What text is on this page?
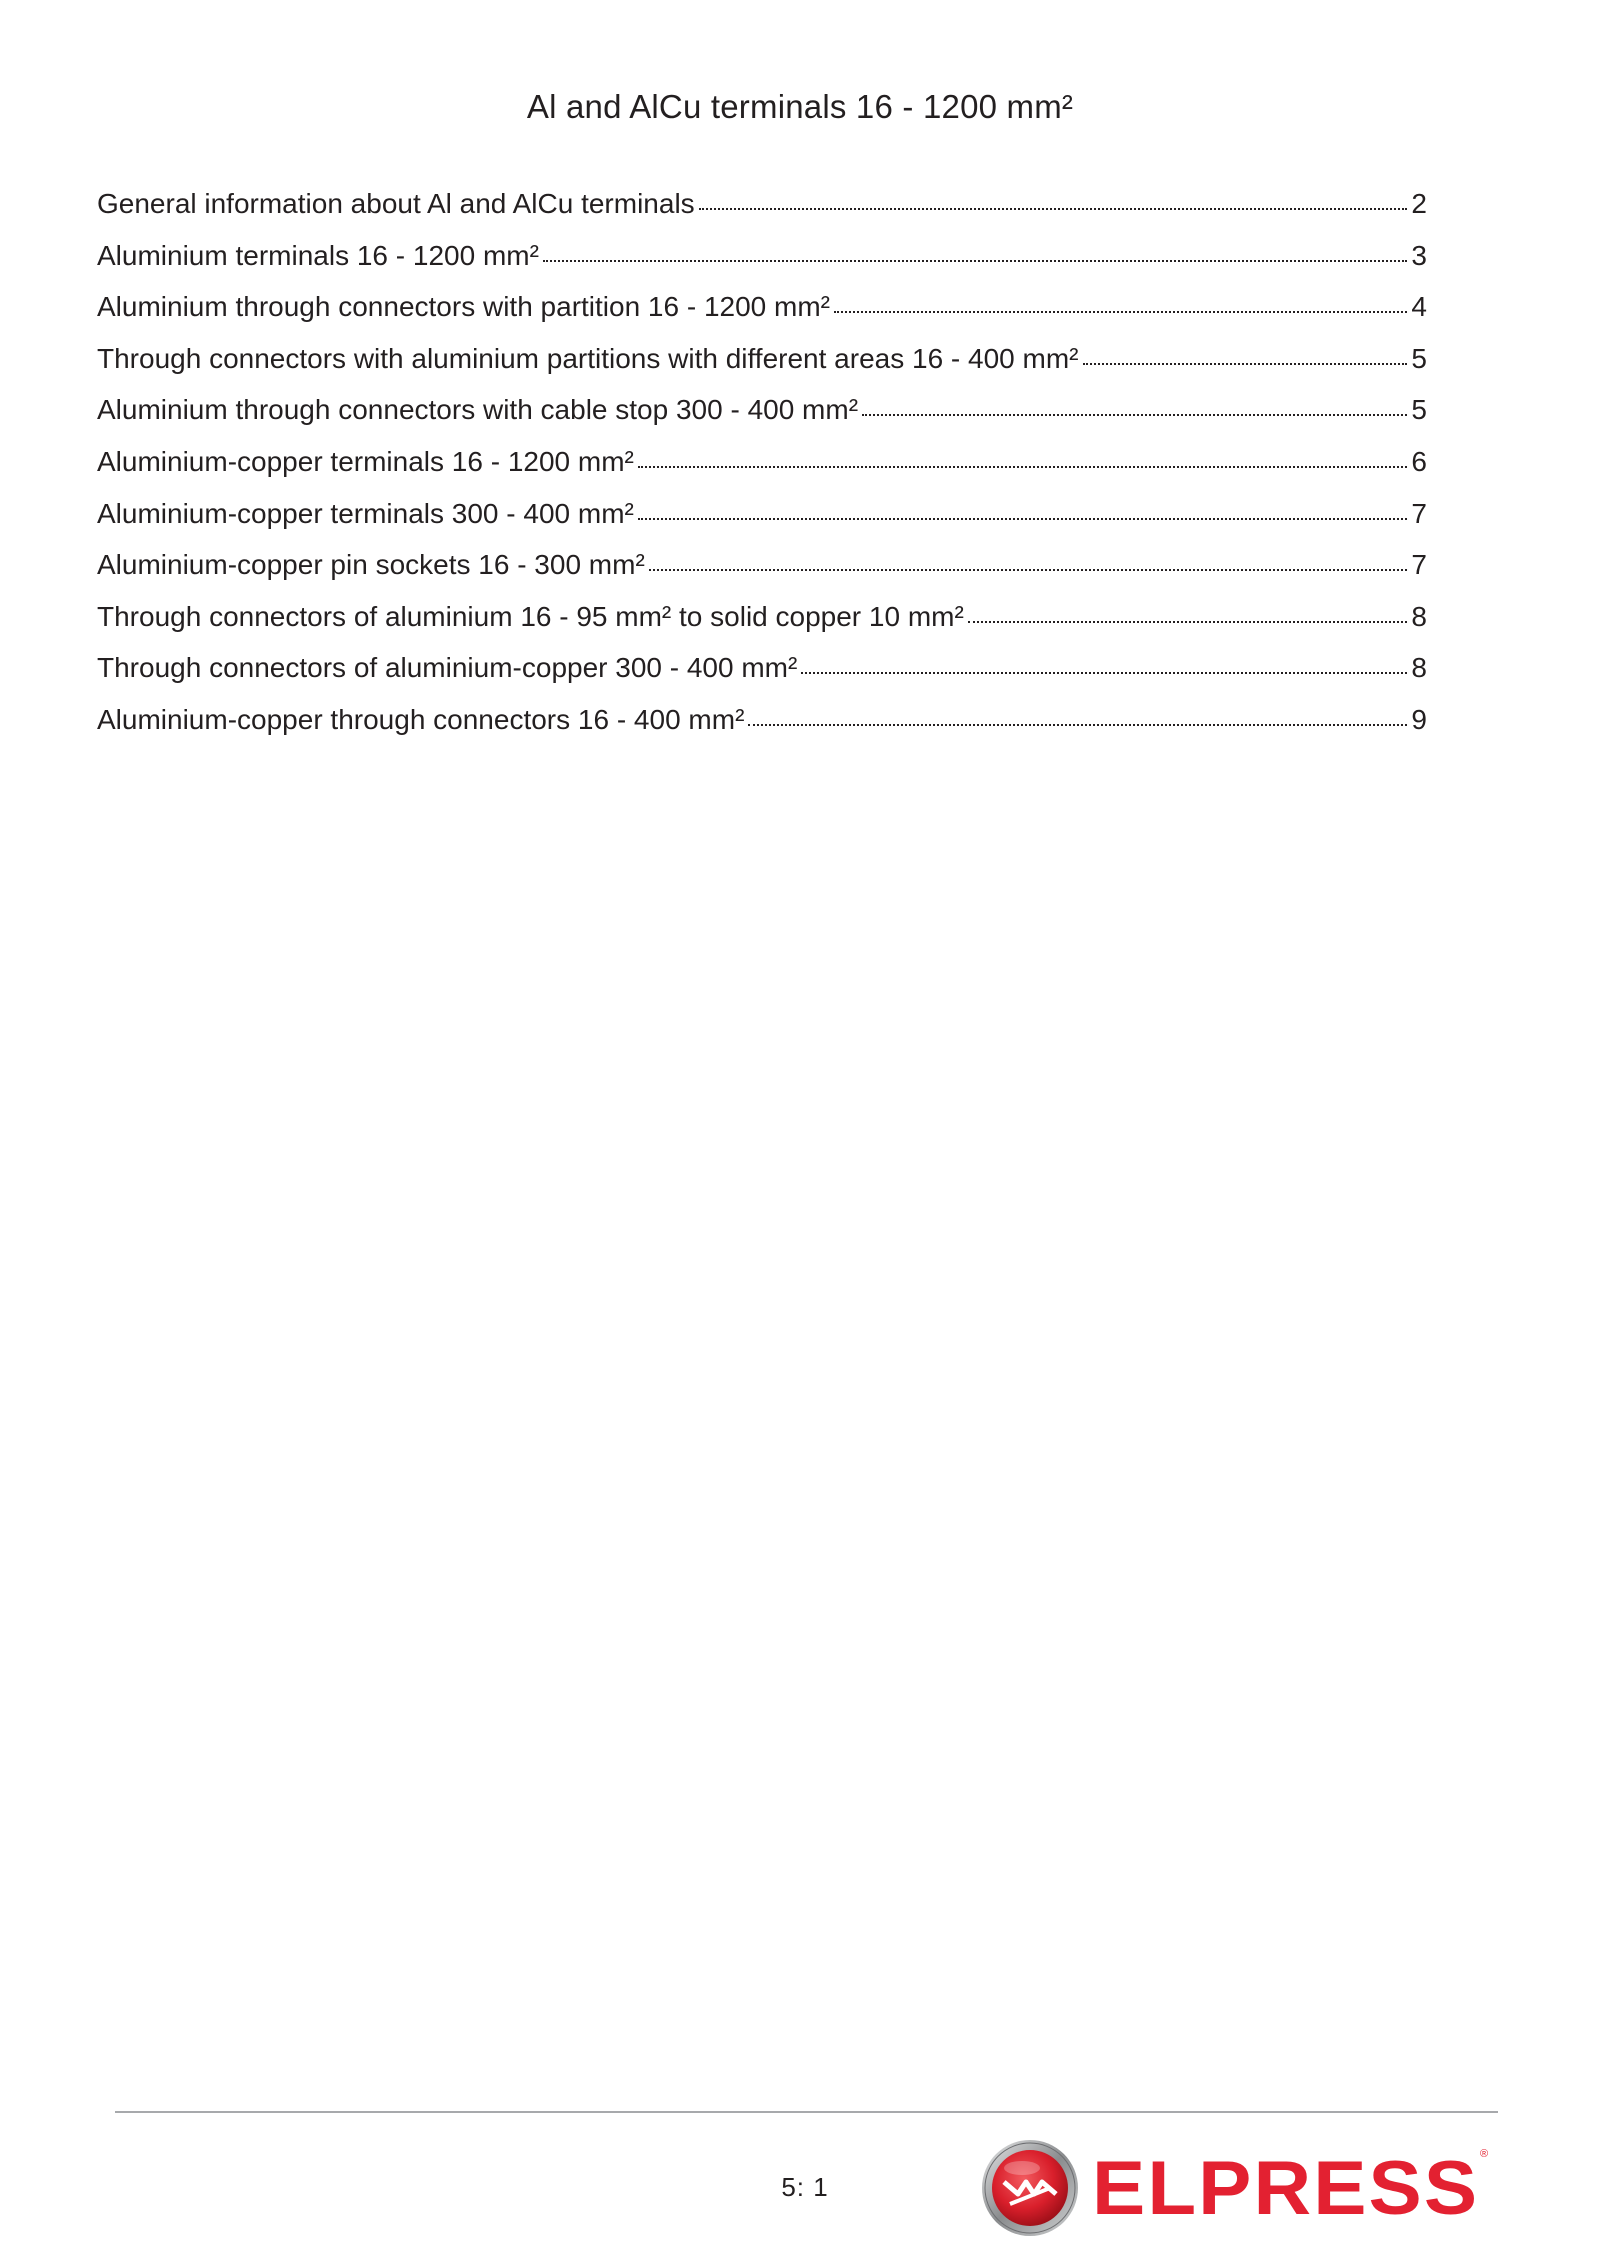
Al and AlCu terminals 16 - 1200 mm²
General information about Al and AlCu terminals	2
Aluminium terminals 16 - 1200 mm²	3
Aluminium through connectors with partition 16 - 1200 mm²	4
Through connectors with aluminium partitions with different areas 16 - 400 mm²	5
Aluminium through connectors with cable stop 300 - 400 mm²	5
Aluminium-copper terminals 16 - 1200 mm²	6
Aluminium-copper terminals 300 - 400 mm²	7
Aluminium-copper pin sockets 16 - 300 mm²	7
Through connectors of aluminium 16 - 95 mm² to solid copper 10 mm²	8
Through connectors of aluminium-copper 300 - 400 mm²	8
Aluminium-copper through connectors 16 - 400 mm²	9
5: 1	ELPRESS ®
